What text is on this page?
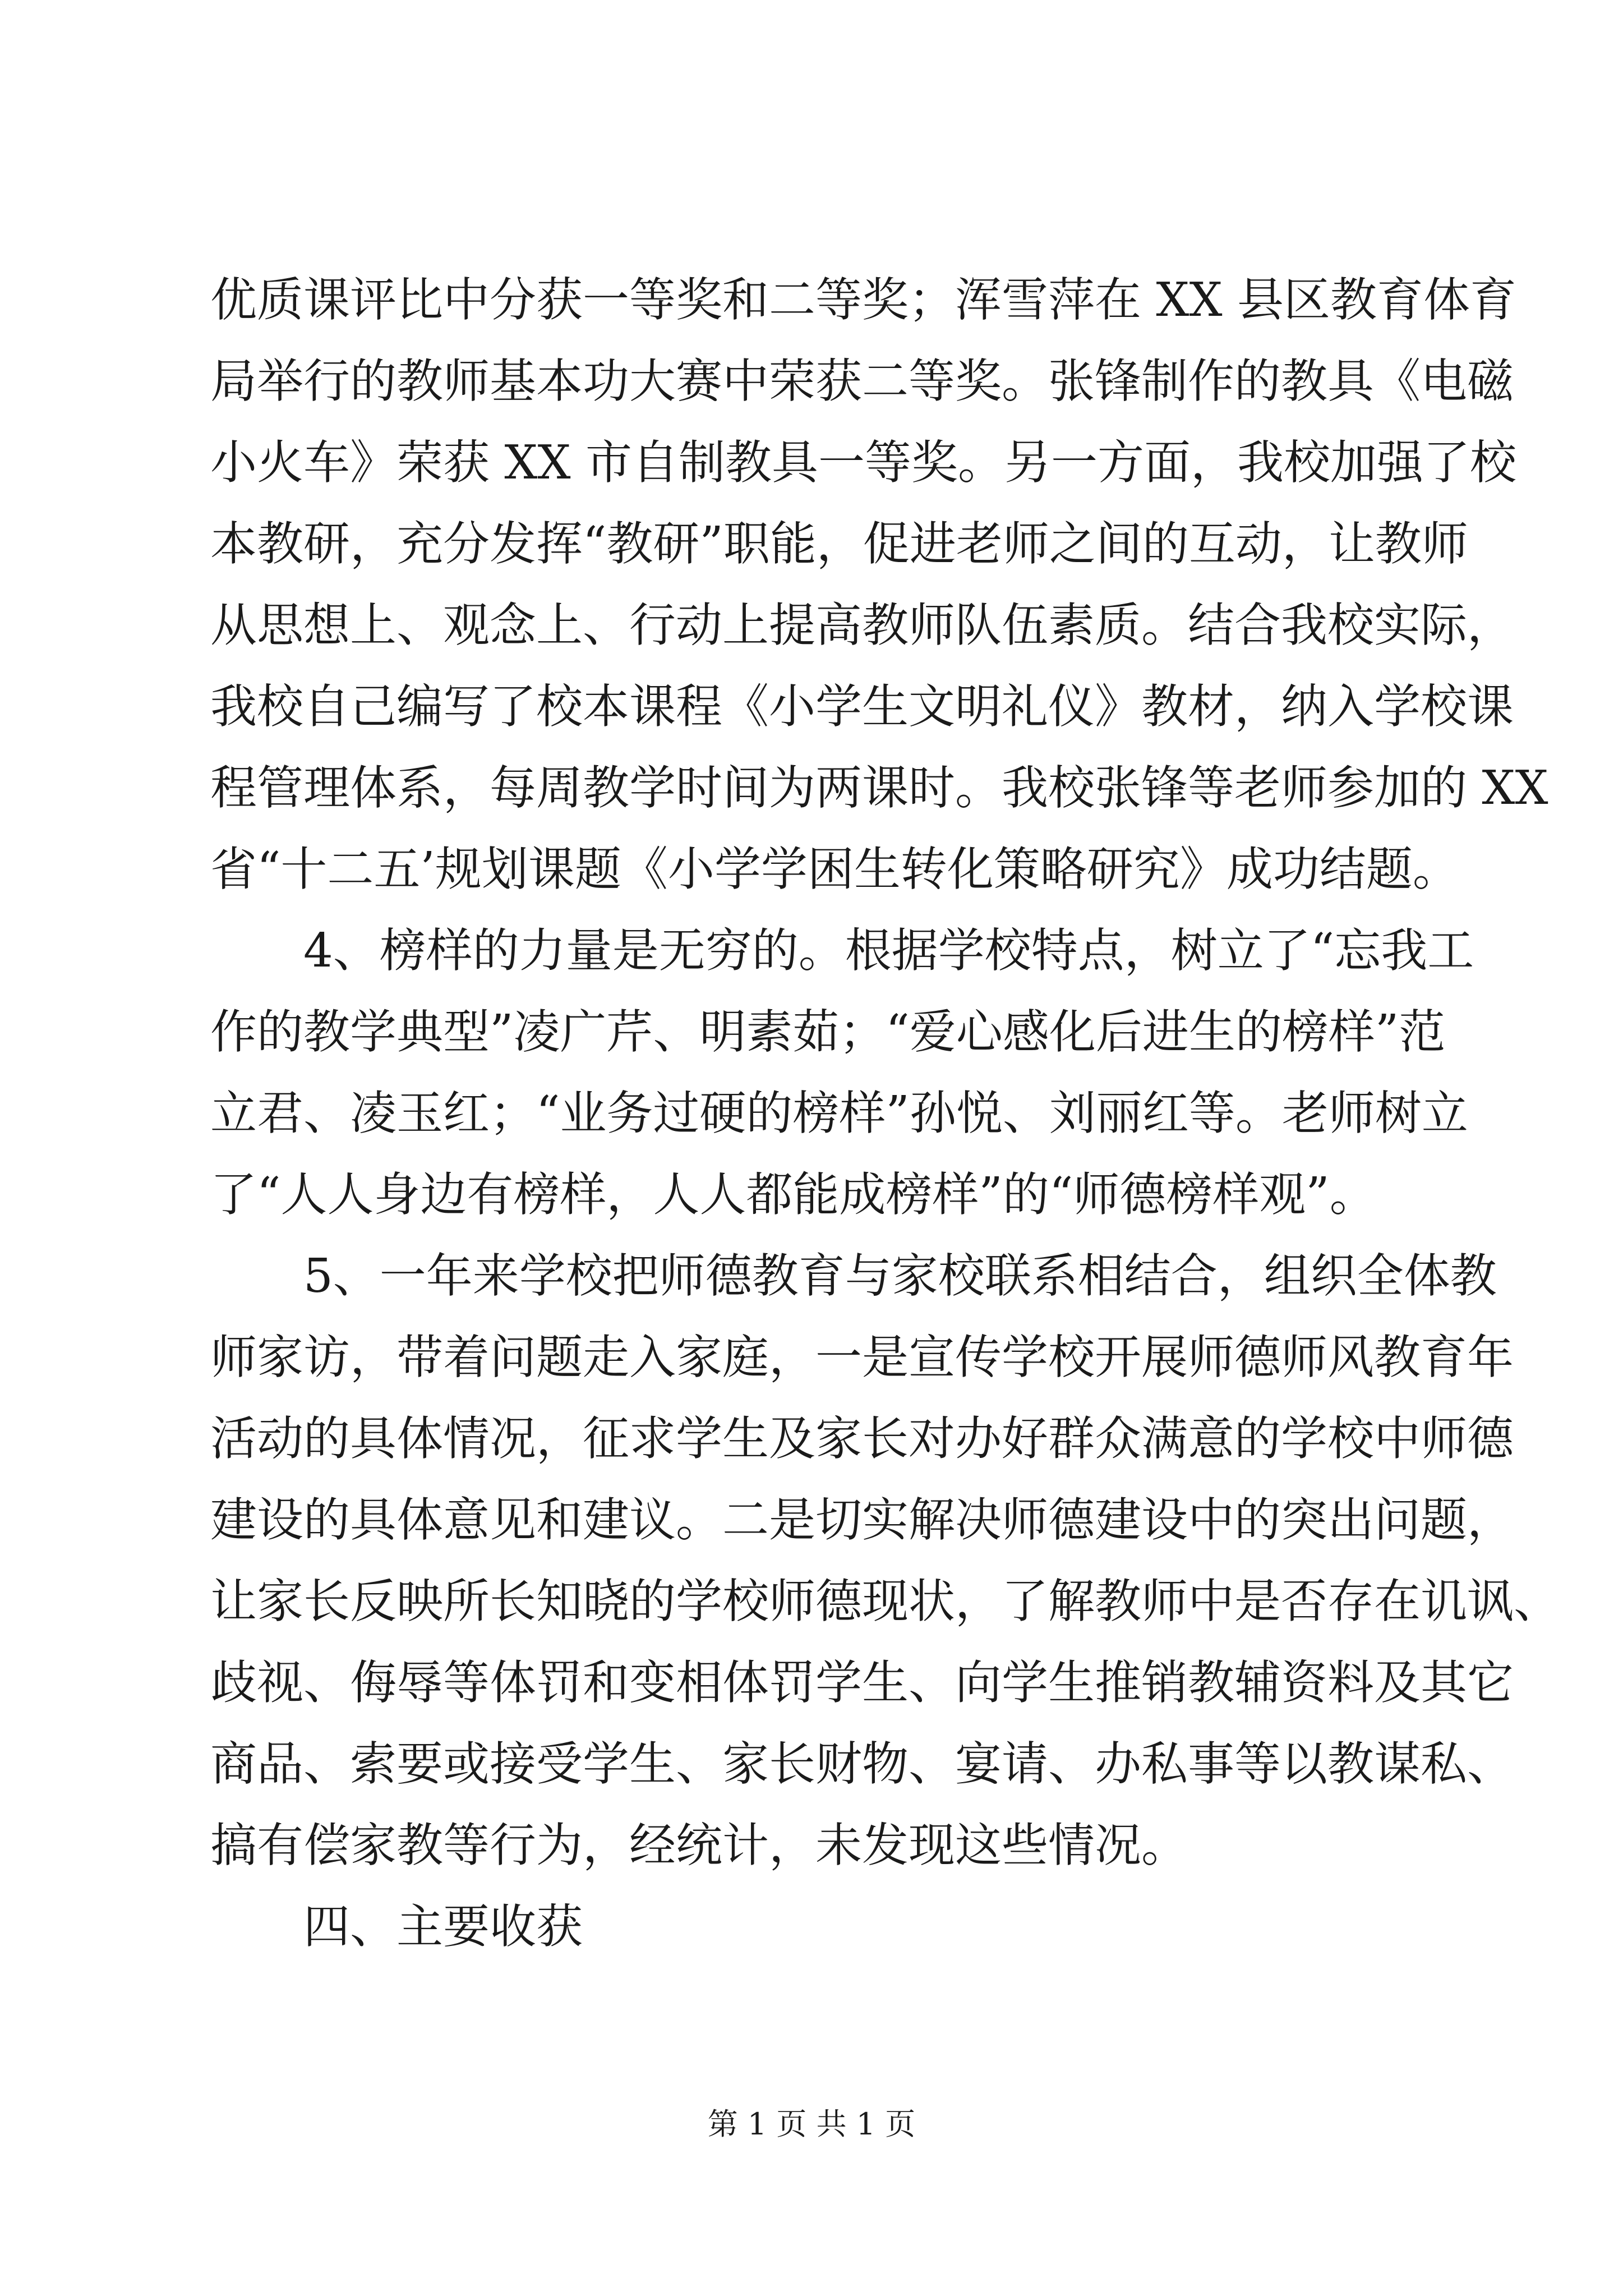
优质课评比中分获一等奖和二等奖；浑雪萍在 XX 县区教育体育
局举行的教师基本功大赛中荣获二等奖。张锋制作的教具《电磁
小火车》荣获 XX 市自制教具一等奖。另一方面，我校加强了校
本教研，充分发挥“教研”职能，促进老师之间的互动，让教师
从思想上、观念上、行动上提高教师队伍素质。结合我校实际，
我校自己编写了校本课程《小学生文明礼仪》教材，纳入学校课
程管理体系，每周教学时间为两课时。我校张锋等老师参加的 XX
省“十二五’规划课题《小学学困生转化策略研究》成功结题。
　　4、榜样的力量是无穷的。根据学校特点，树立了“忘我工
作的教学典型”凌广芹、明素茹；“爱心感化后进生的榜样”范
立君、凌玉红；“业务过硬的榜样”孙悦、刘丽红等。老师树立
了“人人身边有榜样，人人都能成榜样”的“师德榜样观”。
　　5、一年来学校把师德教育与家校联系相结合，组织全体教
师家访，带着问题走入家庭，一是宣传学校开展师德师风教育年
活动的具体情况，征求学生及家长对办好群众满意的学校中师德
建设的具体意见和建议。二是切实解决师德建设中的突出问题，
让家长反映所长知晓的学校师德现状，了解教师中是否存在讥讽、
歧视、侮辱等体罚和变相体罚学生、向学生推销教辅资料及其它
商品、索要或接受学生、家长财物、宴请、办私事等以教谋私、
搞有偿家教等行为，经统计，未发现这些情况。
　　四、主要收获
第 1 页 共 1 页
